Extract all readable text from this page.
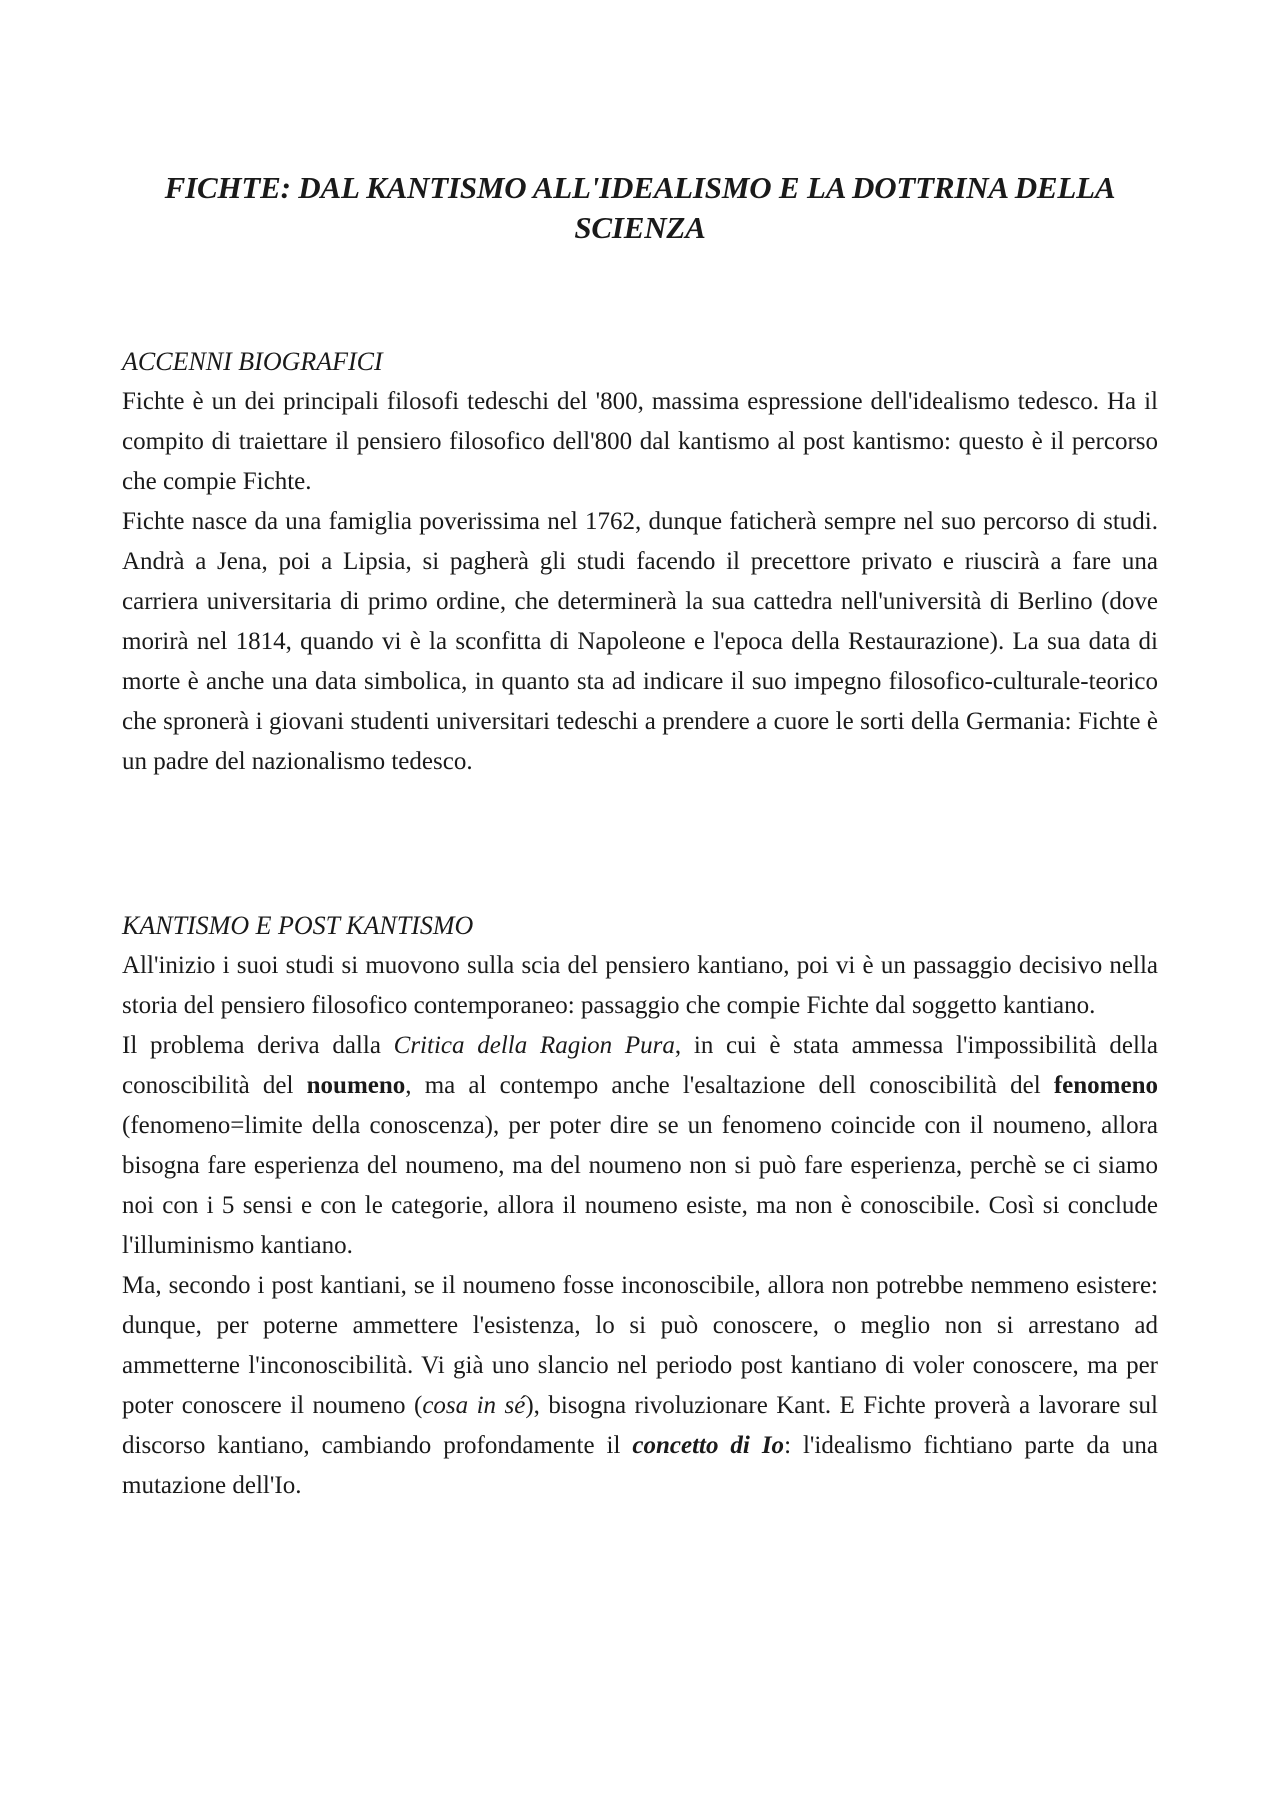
FICHTE: DAL KANTISMO ALL'IDEALISMO E LA DOTTRINA DELLA SCIENZA
ACCENNI BIOGRAFICI

Fichte è un dei principali filosofi tedeschi del '800, massima espressione dell'idealismo tedesco. Ha il compito di traiettare il pensiero filosofico dell'800 dal kantismo al post kantismo: questo è il percorso che compie Fichte.

Fichte nasce da una famiglia poverissima nel 1762, dunque faticherà sempre nel suo percorso di studi. Andrà a Jena, poi a Lipsia, si pagherà gli studi facendo il precettore privato e riuscirà a fare una carriera universitaria di primo ordine, che determinerà la sua cattedra nell'università di Berlino (dove morirà nel 1814, quando vi è la sconfitta di Napoleone e l'epoca della Restaurazione). La sua data di morte è anche una data simbolica, in quanto sta ad indicare il suo impegno filosofico-culturale-teorico che spronerà i giovani studenti universitari tedeschi a prendere a cuore le sorti della Germania: Fichte è un padre del nazionalismo tedesco.

KANTISMO E POST KANTISMO

All'inizio i suoi studi si muovono sulla scia del pensiero kantiano, poi vi è un passaggio decisivo nella storia del pensiero filosofico contemporaneo: passaggio che compie Fichte dal soggetto kantiano.

Il problema deriva dalla Critica della Ragion Pura, in cui è stata ammessa l'impossibilità della conoscibilità del noumeno, ma al contempo anche l'esaltazione dell conoscibilità del fenomeno (fenomeno=limite della conoscenza), per poter dire se un fenomeno coincide con il noumeno, allora bisogna fare esperienza del noumeno, ma del noumeno non si può fare esperienza, perchè se ci siamo noi con i 5 sensi e con le categorie, allora il noumeno esiste, ma non è conoscibile. Così si conclude l'illuminismo kantiano.

Ma, secondo i post kantiani, se il noumeno fosse inconoscibile, allora non potrebbe nemmeno esistere: dunque, per poterne ammettere l'esistenza, lo si può conoscere, o meglio non si arrestano ad ammetterne l'inconoscibilità. Vi già uno slancio nel periodo post kantiano di voler conoscere, ma per poter conoscere il noumeno (cosa in sé), bisogna rivoluzionare Kant. E Fichte proverà a lavorare sul discorso kantiano, cambiando profondamente il concetto di Io: l'idealismo fichtiano parte da una mutazione dell'Io.
